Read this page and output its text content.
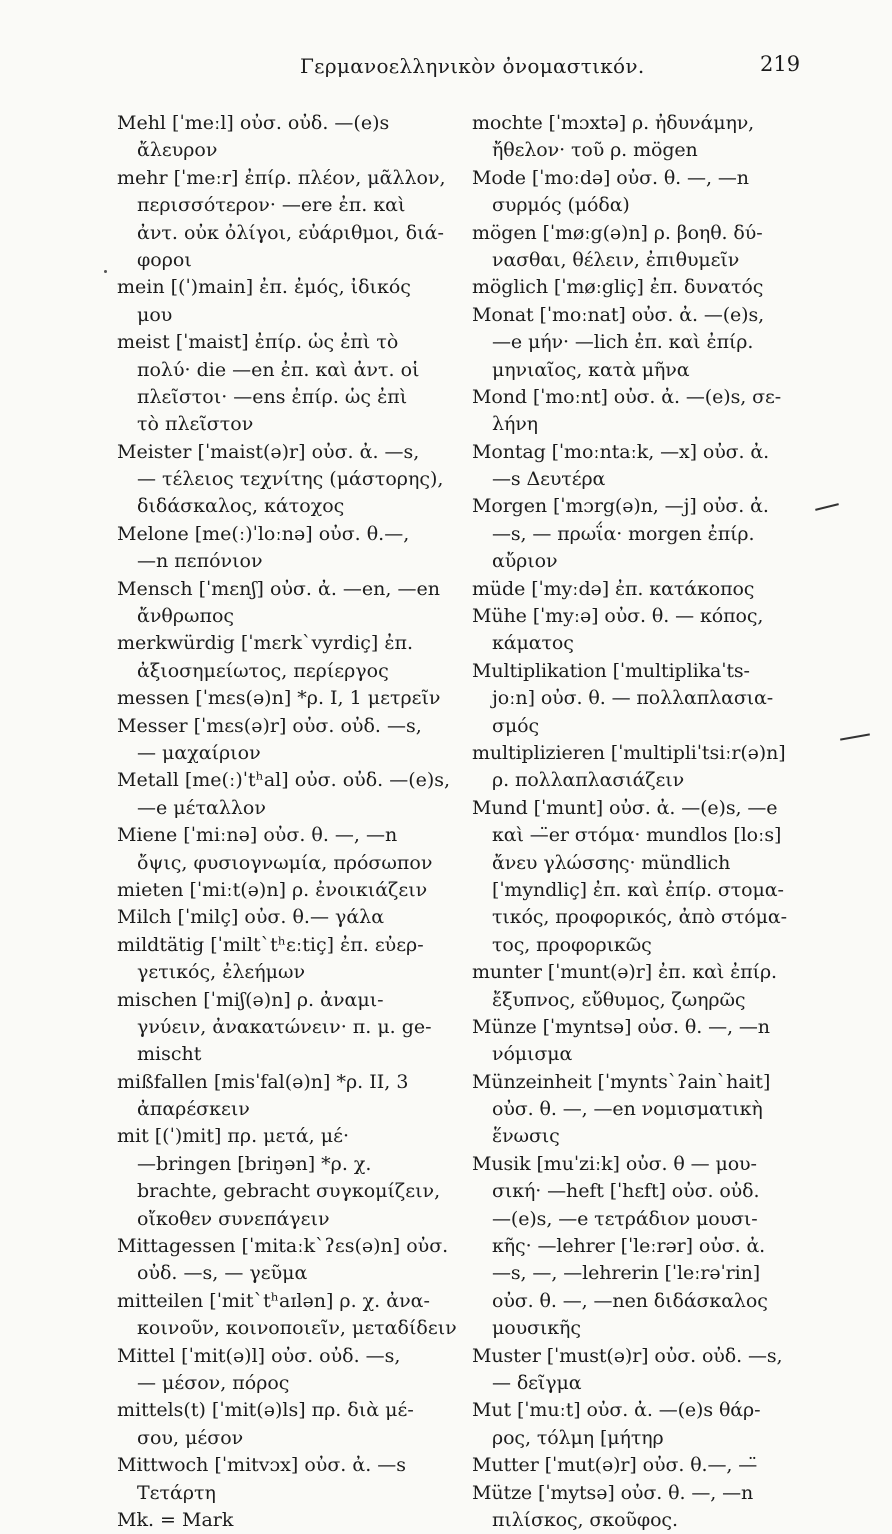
Γερμανοελληνικὸν ὀνομαστικόν.	219
Mehl [ˈmeːl] οὐσ. οὐδ. —(e)s
ἄλευρον
mehr [ˈmeːr] ἐπίρ. πλέον, μᾶλλον,
περισσότερον· —ere ἐπ. καὶ
ἀντ. οὐκ ὀλίγοι, εὐάριθμοι, διά-
φοροι
mein [(ˈ)main] ἐπ. ἐμός, ἰδικός
μου
meist [ˈmaist] ἐπίρ. ὡς ἐπὶ τὸ
πολύ· die —en ἐπ. καὶ ἀντ. οἱ
πλεῖστοι· —ens ἐπίρ. ὡς ἐπὶ
τὸ πλεῖστον
Meister [ˈmaist(ə)r] οὐσ. ἀ. —s,
— τέλειος τεχνίτης (μάστορης),
διδάσκαλος, κάτοχος
Melone [me(ː)ˈloːnə] οὐσ. θ.—,
—n πεπόνιον
Mensch [ˈmɛnʃ] οὐσ. ἀ. —en, —en
ἄνθρωπος
merkwürdig [ˈmɛrkˋvyrdiç] ἐπ.
ἀξιοσημείωτος, περίεργος
messen [ˈmɛs(ə)n] *ρ. I, 1 μετρεῖν
Messer [ˈmɛs(ə)r] οὐσ. οὐδ. —s,
— μαχαίριον
Metall [me(ː)ˈtʰal] οὐσ. οὐδ. —(e)s,
—e μέταλλον
Miene [ˈmiːnə] οὐσ. θ. —, —n
ὄψις, φυσιογνωμία, πρόσωπον
mieten [ˈmiːt(ə)n] ρ. ἐνοικιάζειν
Milch [ˈmilç] οὐσ. θ.— γάλα
mildtätig [ˈmiltˋtʰɛːtiç] ἐπ. εὐερ-
γετικός, ἐλεήμων
mischen [ˈmiʃ(ə)n] ρ. ἀναμι-
γνύειν, ἀνακατώνειν· π. μ. ge-
mischt
mißfallen [misˈfal(ə)n] *ρ. II, 3
ἀπαρέσκειν
mit [(ˈ)mit] πρ. μετά, μέ·
—bringen [briŋən] *ρ. χ.
brachte, gebracht συγκομίζειν,
οἴκοθεν συνεπάγειν
Mittagessen [ˈmitaːkˋʔɛs(ə)n] οὐσ.
οὐδ. —s, — γεῦμα
mitteilen [ˈmitˋtʰaɪlən] ρ. χ. ἀνα-
κοινοῦν, κοινοποιεῖν, μεταδίδειν
Mittel [ˈmit(ə)l] οὐσ. οὐδ. —s,
— μέσον, πόρος
mittels(t) [ˈmit(ə)ls] πρ. διὰ μέ-
σου, μέσον
Mittwoch [ˈmitvɔx] οὐσ. ἀ. —s
Τετάρτη
Mk. = Mark
mochte [ˈmɔxtə] ρ. ἠδυνάμην,
ἤθελον· τοῦ ρ. mögen
Mode [ˈmoːdə] οὐσ. θ. —, —n
συρμός (μόδα)
mögen [ˈmøːg(ə)n] ρ. βοηθ. δύ-
νασθαι, θέλειν, ἐπιθυμεῖν
möglich [ˈmøːgliç] ἐπ. δυνατός
Monat [ˈmoːnat] οὐσ. ἀ. —(e)s,
—e μήν· —lich ἐπ. καὶ ἐπίρ.
μηνιαῖος, κατὰ μῆνα
Mond [ˈmoːnt] οὐσ. ἀ. —(e)s, σε-
λήνη
Montag [ˈmoːntaːk, —x] οὐσ. ἀ.
—s Δευτέρα
Morgen [ˈmɔrg(ə)n, —j] οὐσ. ἀ.
—s, — πρωΐα· morgen ἐπίρ.
αὔριον
müde [ˈmyːdə] ἐπ. κατάκοπος
Mühe [ˈmyːə] οὐσ. θ. — κόπος,
κάματος
Multiplikation [ˈmultiplikaˈts-
joːn] οὐσ. θ. — πολλαπλασια-
σμός
multiplizieren [ˈmultipliˈtsiːr(ə)n]
ρ. πολλαπλασιάζειν
Mund [ˈmunt] οὐσ. ἀ. —(e)s, —e
καὶ —̈er στόμα· mundlos [loːs]
ἄνευ γλώσσης· mündlich
[ˈmyndliç] ἐπ. καὶ ἐπίρ. στομα-
τικός, προφορικός, ἀπὸ στόμα-
τος, προφορικῶς
munter [ˈmunt(ə)r] ἐπ. καὶ ἐπίρ.
ἔξυπνος, εὔθυμος, ζωηρῶς
Münze [ˈmyntsə] οὐσ. θ. —, —n
νόμισμα
Münzeinheit [ˈmyntsˋʔainˋhait]
οὐσ. θ. —, —en νομισματικὴ
ἕνωσις
Musik [muˈziːk] οὐσ. θ — μου-
σική· —heft [ˈhɛft] οὐσ. οὐδ.
—(e)s, —e τετράδιον μουσι-
κῆς· —lehrer [ˈleːrər] οὐσ. ἀ.
—s, —, —lehrerin [ˈleːrəˈrin]
οὐσ. θ. —, —nen διδάσκαλος
μουσικῆς
Muster [ˈmust(ə)r] οὐσ. οὐδ. —s,
— δεῖγμα
Mut [ˈmuːt] οὐσ. ἀ. —(e)s θάρ-
ρος, τόλμη [μήτηρ
Mutter [ˈmut(ə)r] οὐσ. θ.—, —̈
Mütze [ˈmytsə] οὐσ. θ. —, —n
πιλίσκος, σκοῦφος.
